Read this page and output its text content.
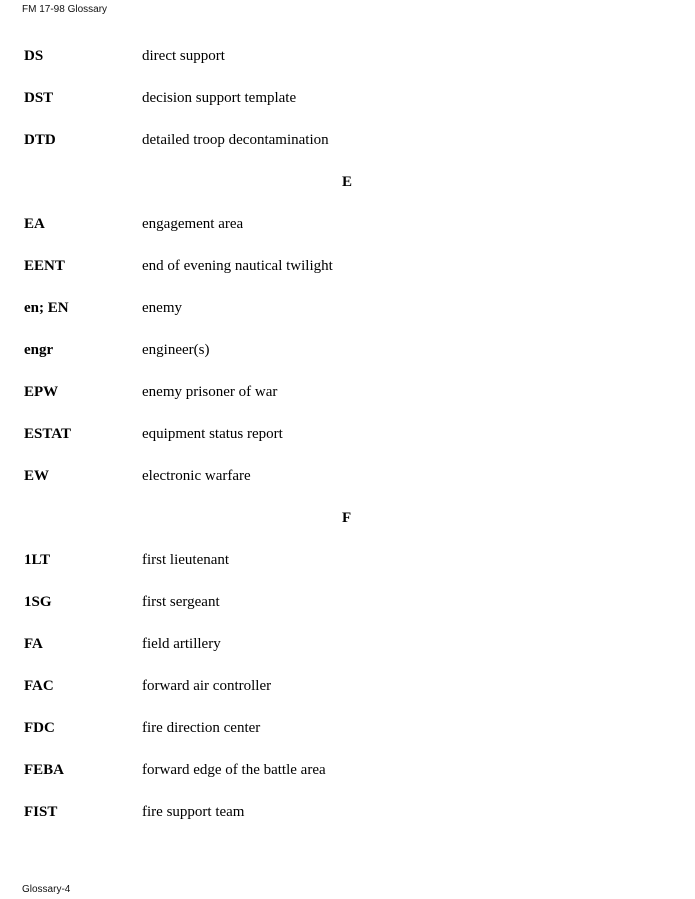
FM 17-98 Glossary
DS	direct support
DST	decision support template
DTD	detailed troop decontamination
E
EA	engagement area
EENT	end of evening nautical twilight
en; EN	enemy
engr	engineer(s)
EPW	enemy prisoner of war
ESTAT	equipment status report
EW	electronic warfare
F
1LT	first lieutenant
1SG	first sergeant
FA	field artillery
FAC	forward air controller
FDC	fire direction center
FEBA	forward edge of the battle area
FIST	fire support team
Glossary-4
